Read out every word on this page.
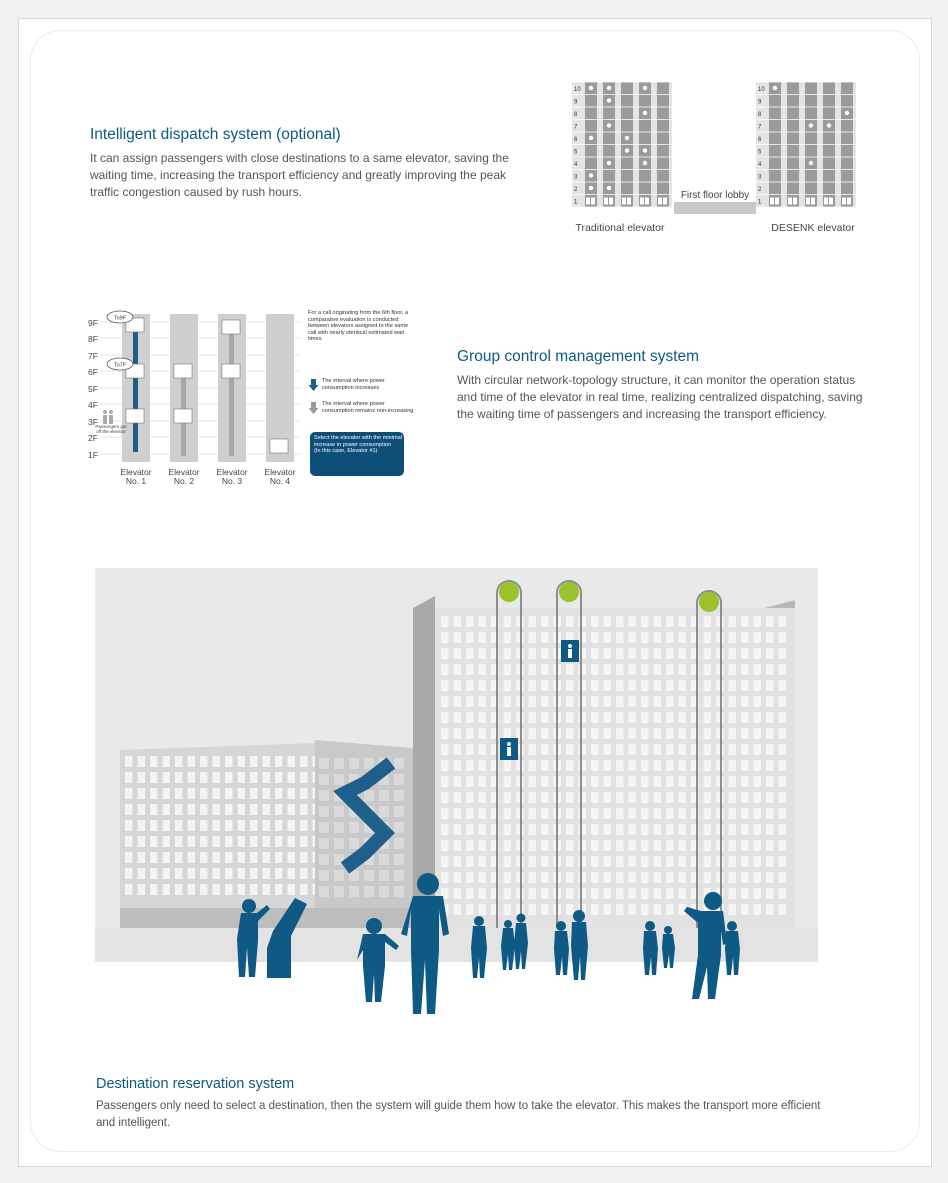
Intelligent dispatch system (optional)

It can assign passengers with close destinations to a same elevator, saving the waiting time, increasing the transport efficiency and greatly improving the peak traffic congestion caused by rush hours.

10
9
8
7
6
5
4
3
2
1
10
9
8
7
6
5
4
3
2
1
First floor lobby
Traditional elevator	DESENK elevator
9F
8F
7F
6F
5F
4F
3F
2F
1F
To9F
To7F
Passengers get off the elevator
Elevator No. 1
Elevator No. 2
Elevator No. 3
Elevator No. 4
For a call originating from the 6th floor, a comparative evaluation is conducted between elevators assigned to the same call with nearly identical estimated wait times.
The interval where power consumption increases
The interval where power consumption remains non-increasing
Select the elevator with the minimal increase in power consumption
(In this case, Elevator #1)
Group control management system

With circular network-topology structure, it can monitor the operation status and time of the elevator in real time, realizing centralized dispatching, saving the waiting time of passengers and increasing the transport efficiency.

Destination reservation system

Passengers only need to select a destination, then the system will guide them how to take the elevator. This makes the transport more efficient and intelligent.
